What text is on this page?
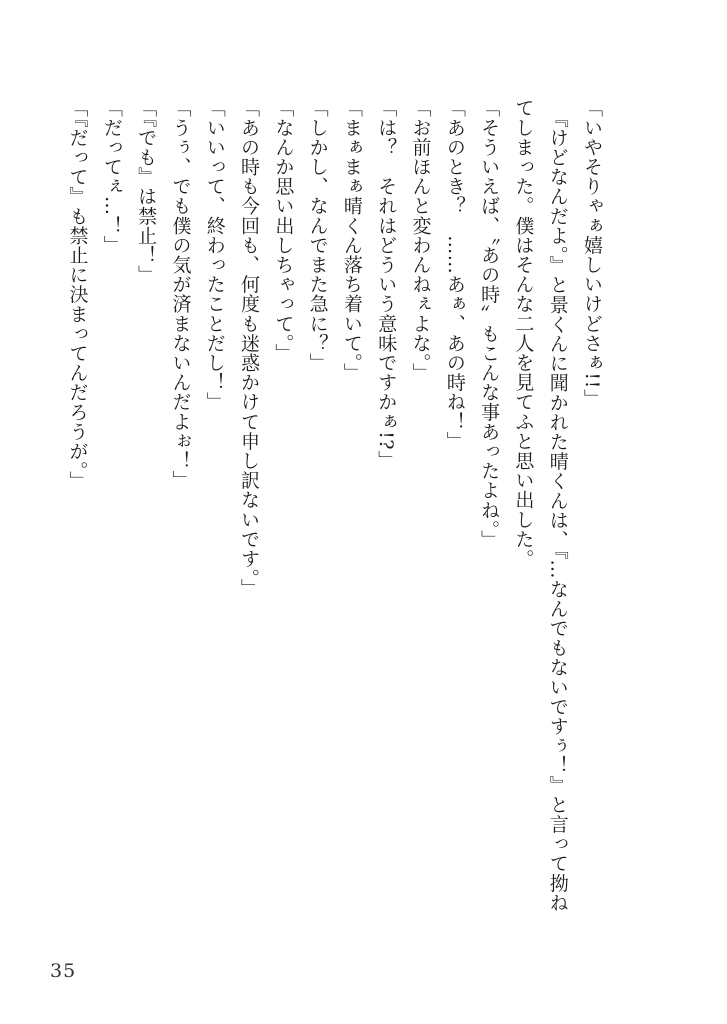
「いやそりゃぁ嬉しいけどさぁ!!」

　『けどなんだよ。』と景くんに聞かれた晴くんは、『…なんでもないですぅ！』と言って拗ね

てしまった。僕はそんな二人を見てふと思い出した。

「そういえば、〝あの時〟もこんな事あったよね。」

「あのとき？　……あぁ、あの時ね！」

「お前ほんと変わんねぇよな。」

「は？　それはどういう意味ですかぁ!?」

「まぁまぁ晴くん落ち着いて。」

「しかし、なんでまた急に？」

「なんか思い出しちゃって。」

「あの時も今回も、何度も迷惑かけて申し訳ないです。」

「いいって、終わったことだし！」

「うぅ、でも僕の気が済まないんだよぉ！」

「『でも』は禁止！」

「だってぇ…！」

「『だって』も禁止に決まってんだろうが。」

35
